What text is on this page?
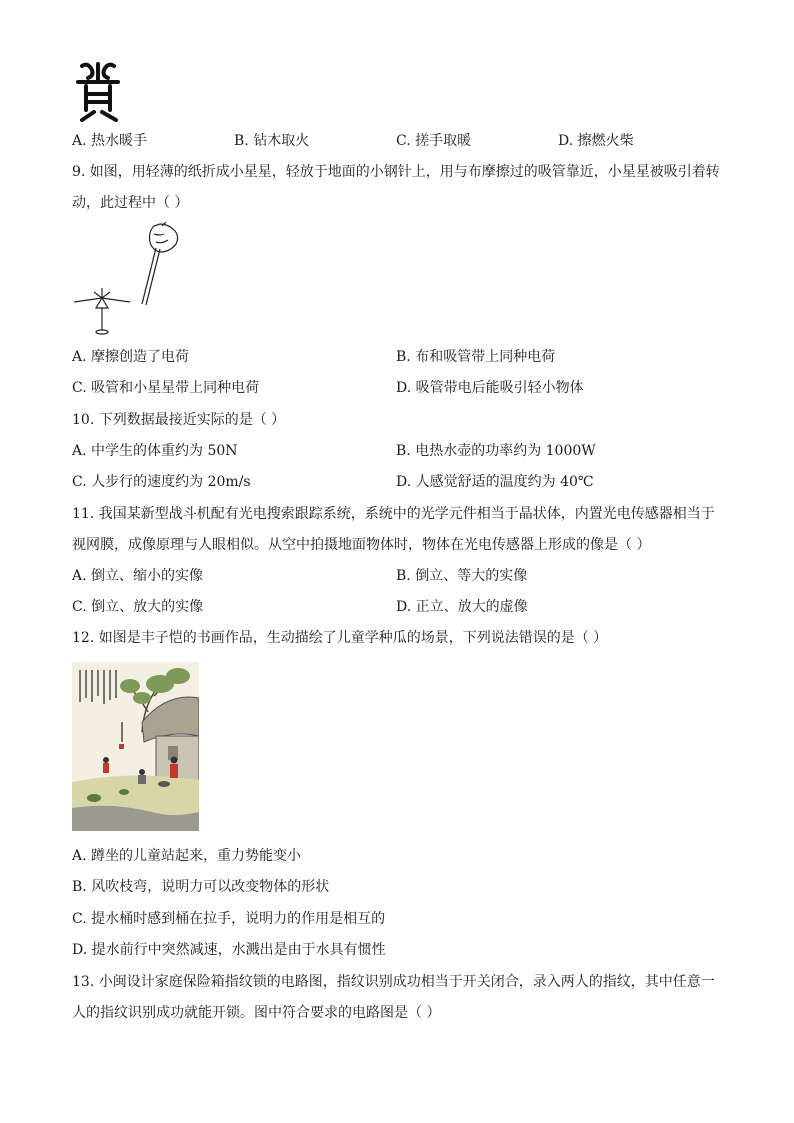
A. 热水暖手	B. 钻木取火	C. 搓手取暖	D. 擦燃火柴
9. 如图，用轻薄的纸折成小星星，轻放于地面的小钢针上，用与布摩擦过的吸管靠近，小星星被吸引着转
动，此过程中（ ）
A. 摩擦创造了电荷	B. 布和吸管带上同种电荷
C. 吸管和小星星带上同种电荷	D. 吸管带电后能吸引轻小物体
10. 下列数据最接近实际的是（ ）
A. 中学生的体重约为 50N	B. 电热水壶的功率约为 1000W
C. 人步行的速度约为 20m/s	D. 人感觉舒适的温度约为 40℃
11. 我国某新型战斗机配有光电搜索跟踪系统，系统中的光学元件相当于晶状体，内置光电传感器相当于
视网膜，成像原理与人眼相似。从空中拍摄地面物体时，物体在光电传感器上形成的像是（ ）
A. 倒立、缩小的实像	B. 倒立、等大的实像
C. 倒立、放大的实像	D. 正立、放大的虚像
12. 如图是丰子恺的书画作品，生动描绘了儿童学种瓜的场景，下列说法错误的是（ ）
A. 蹲坐的儿童站起来，重力势能变小
B. 风吹枝弯，说明力可以改变物体的形状
C. 提水桶时感到桶在拉手，说明力的作用是相互的
D. 提水前行中突然减速，水溅出是由于水具有惯性
13. 小闽设计家庭保险箱指纹锁的电路图，指纹识别成功相当于开关闭合，录入两人的指纹，其中任意一
人的指纹识别成功就能开锁。图中符合要求的电路图是（ ）
